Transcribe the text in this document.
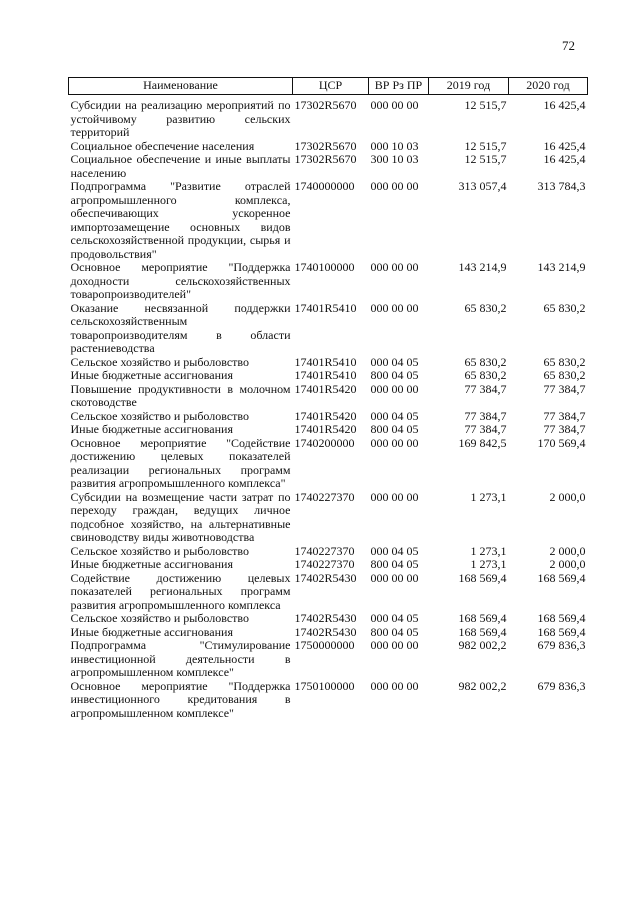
72
Наименование	ЦСР	ВР Рз ПР	2019 год	2020 год

Субсидии на реализацию мероприятий по устойчивому развитию сельских территорий	17302R5670	000 00 00	12 515,7	16 425,4
Социальное обеспечение населения	17302R5670	000 10 03	12 515,7	16 425,4
Социальное обеспечение и иные выплаты населению	17302R5670	300 10 03	12 515,7	16 425,4
Подпрограмма "Развитие отраслей агропромышленного комплекса, обеспечивающих ускоренное импортозамещение основных видов сельскохозяйственной продукции, сырья и продовольствия"	1740000000	000 00 00	313 057,4	313 784,3
Основное мероприятие "Поддержка доходности сельскохозяйственных товаропроизводителей"	1740100000	000 00 00	143 214,9	143 214,9
Оказание несвязанной поддержки сельскохозяйственным товаропроизводителям в области растениеводства	17401R5410	000 00 00	65 830,2	65 830,2
Сельское хозяйство и рыболовство	17401R5410	000 04 05	65 830,2	65 830,2
Иные бюджетные ассигнования	17401R5410	800 04 05	65 830,2	65 830,2
Повышение продуктивности в молочном скотоводстве	17401R5420	000 00 00	77 384,7	77 384,7
Сельское хозяйство и рыболовство	17401R5420	000 04 05	77 384,7	77 384,7
Иные бюджетные ассигнования	17401R5420	800 04 05	77 384,7	77 384,7
Основное мероприятие "Содействие достижению целевых показателей реализации региональных программ развития агропромышленного комплекса"	1740200000	000 00 00	169 842,5	170 569,4
Субсидии на возмещение части затрат по переходу граждан, ведущих личное подсобное хозяйство, на альтернативные свиноводству виды животноводства	1740227370	000 00 00	1 273,1	2 000,0
Сельское хозяйство и рыболовство	1740227370	000 04 05	1 273,1	2 000,0
Иные бюджетные ассигнования	1740227370	800 04 05	1 273,1	2 000,0
Содействие достижению целевых показателей региональных программ развития агропромышленного комплекса	17402R5430	000 00 00	168 569,4	168 569,4
Сельское хозяйство и рыболовство	17402R5430	000 04 05	168 569,4	168 569,4
Иные бюджетные ассигнования	17402R5430	800 04 05	168 569,4	168 569,4
Подпрограмма "Стимулирование инвестиционной деятельности в агропромышленном комплексе"	1750000000	000 00 00	982 002,2	679 836,3
Основное мероприятие "Поддержка инвестиционного кредитования в агропромышленном комплексе"	1750100000	000 00 00	982 002,2	679 836,3
